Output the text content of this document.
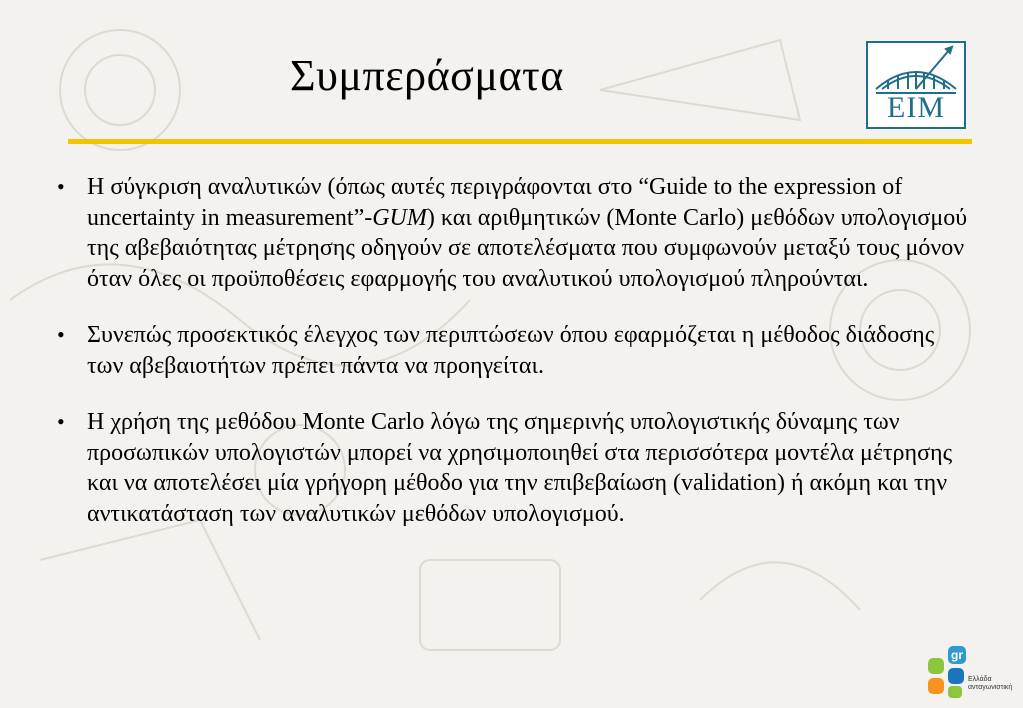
Συμπεράσματα
EIM
• Η σύγκριση αναλυτικών (όπως αυτές περιγράφονται στο “Guide to the expression of uncertainty in measurement”-GUM) και αριθμητικών (Monte Carlo) μεθόδων υπολογισμού της αβεβαιότητας μέτρησης οδηγούν σε αποτελέσματα που συμφωνούν μεταξύ τους μόνον όταν όλες οι προϋποθέσεις εφαρμογής του αναλυτικού υπολογισμού πληρούνται.
• Συνεπώς προσεκτικός έλεγχος των περιπτώσεων όπου εφαρμόζεται η μέθοδος διάδοσης των αβεβαιοτήτων πρέπει πάντα να προηγείται.
• Η χρήση της μεθόδου Monte Carlo λόγω της σημερινής υπολογιστικής δύναμης των προσωπικών υπολογιστών μπορεί να χρησιμοποιηθεί στα περισσότερα μοντέλα μέτρησης και να αποτελέσει μία γρήγορη μέθοδο για την επιβεβαίωση (validation) ή ακόμη και την αντικατάσταση των αναλυτικών μεθόδων υπολογισμού.
gr
Ελλάδα
ανταγωνιστική
